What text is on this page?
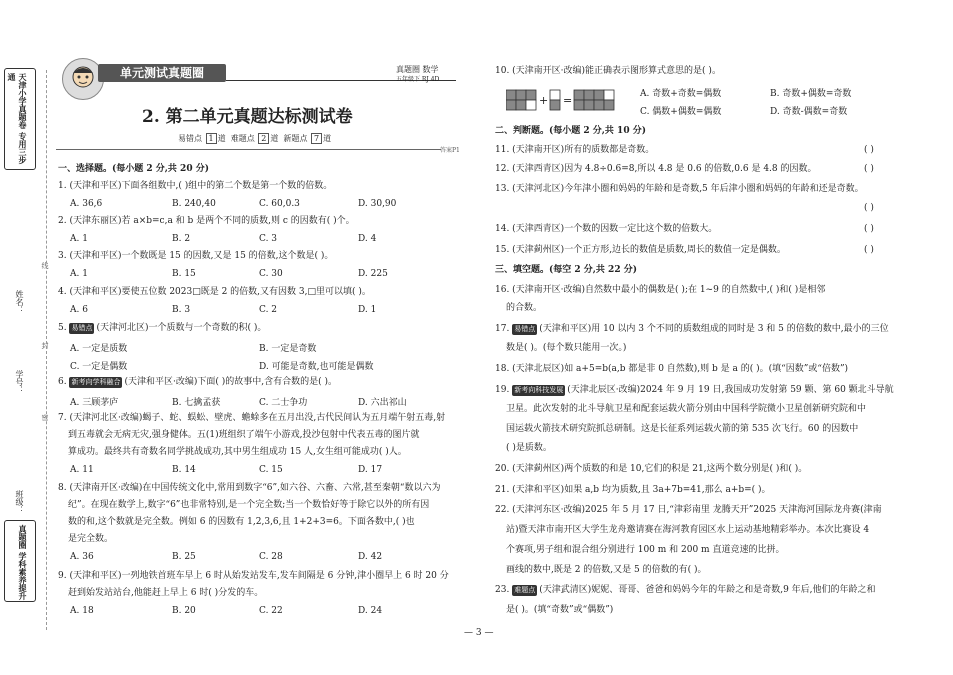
天津小学真题卷 专用三步通
姓名：
学号：
班级：
线
封
密
真题圈 学科素养提升
单元测试真题圈	真题圈 数学
五年级下 RJ 4D
2. 第二单元真题达标测试卷
易错点 1 道 难题点 2 道 新题点 7 道
答案P1
一、选择题。(每小题 2 分,共 20 分)
1. (天津和平区)下面各组数中,( )组中的第二个数是第一个数的倍数。
A. 36,6	B. 240,40	C. 60,0.3	D. 30,90
2. (天津东丽区)若 a×b=c,a 和 b 是两个不同的质数,则 c 的因数有( )个。
A. 1	B. 2	C. 3	D. 4
3. (天津和平区)一个数既是 15 的因数,又是 15 的倍数,这个数是( )。
A. 1	B. 15	C. 30	D. 225
4. (天津和平区)要使五位数 2023□既是 2 的倍数,又有因数 3,□里可以填( )。
A. 6	B. 3	C. 2	D. 1
5. 易错点 (天津河北区)一个质数与一个奇数的积( )。
A. 一定是质数	B. 一定是奇数
C. 一定是偶数	D. 可能是奇数,也可能是偶数
6. 新考向学科融合 (天津和平区·改编)下面( )的故事中,含有合数的是( )。
A. 三顾茅庐	B. 七擒孟获	C. 二士争功	D. 六出祁山
7. (天津河北区·改编)蝎子、蛇、蜈蚣、壁虎、蟾蜍多在五月出没,古代民间认为五月端午射五毒,射
到五毒就会无病无灾,强身健体。五(1)班组织了端午小游戏,投沙包射中代表五毒的图片就
算成功。最终共有奇数名同学挑战成功,其中男生组成功 15 人,女生组可能成功( )人。
A. 11	B. 14	C. 15	D. 17
8. (天津南开区·改编)在中国传统文化中,常用到数字“6”,如六谷、六畜、六常,甚至秦朝“数以六为
纪”。在现在数学上,数字“6”也非常特别,是一个完全数;当一个数恰好等于除它以外的所有因
数的和,这个数就是完全数。例如 6 的因数有 1,2,3,6,且 1+2+3=6。下面各数中,( )也
是完全数。
A. 36	B. 25	C. 28	D. 42
9. (天津和平区)一列地铁首班车早上 6 时从始发站发车,发车间隔是 6 分钟,津小圈早上 6 时 20 分
赶到始发站站台,他能赶上早上 6 时( )分发的车。
A. 18	B. 20	C. 22	D. 24
10. (天津南开区·改编)能正确表示图形算式意思的是( )。
+ =	A. 奇数+奇数=偶数	B. 奇数+偶数=奇数
C. 偶数+偶数=偶数	D. 奇数-偶数=奇数
二、判断题。(每小题 2 分,共 10 分)
11. (天津南开区)所有的质数都是奇数。	( )
12. (天津西青区)因为 4.8÷0.6=8,所以 4.8 是 0.6 的倍数,0.6 是 4.8 的因数。	( )
13. (天津河北区)今年津小圈和妈妈的年龄和是奇数,5 年后津小圈和妈妈的年龄和还是奇数。
( )
14. (天津西青区)一个数的因数一定比这个数的倍数大。	( )
15. (天津蓟州区)一个正方形,边长的数值是质数,周长的数值一定是偶数。	( )
三、填空题。(每空 2 分,共 22 分)
16. (天津南开区·改编)自然数中最小的偶数是( );在 1~9 的自然数中,( )和( )是相邻
的合数。
17. 易错点 (天津和平区)用 10 以内 3 个不同的质数组成的同时是 3 和 5 的倍数的数中,最小的三位
数是( )。(每个数只能用一次。)
18. (天津北辰区)如 a+5=b(a,b 都是非 0 自然数),则 b 是 a 的( )。(填“因数”或“倍数”)
19. 新考向科技发展 (天津北辰区·改编)2024 年 9 月 19 日,我国成功发射第 59 颗、第 60 颗北斗导航
卫星。此次发射的北斗导航卫星和配套运载火箭分别由中国科学院微小卫星创新研究院和中
国运载火箭技术研究院抓总研制。这是长征系列运载火箭的第 535 次飞行。60 的因数中
( )是质数。
20. (天津蓟州区)两个质数的和是 10,它们的积是 21,这两个数分别是( )和( )。
21. (天津和平区)如果 a,b 均为质数,且 3a+7b=41,那么 a+b=( )。
22. (天津河东区·改编)2025 年 5 月 17 日,“津彩南里 龙腾天开”2025 天津海河国际龙舟赛(津南
站)暨天津市南开区大学生龙舟邀请赛在海河教育园区水上运动基地精彩举办。本次比赛设 4
个赛项,男子组和混合组分别进行 100 m 和 200 m 直道竞速的比拼。
画线的数中,既是 2 的倍数,又是 5 的倍数的有( )。
23. 难题点 (天津武清区)妮妮、哥哥、爸爸和妈妈今年的年龄之和是奇数,9 年后,他们的年龄之和
是( )。(填“奇数”或“偶数”)
— 3 —
